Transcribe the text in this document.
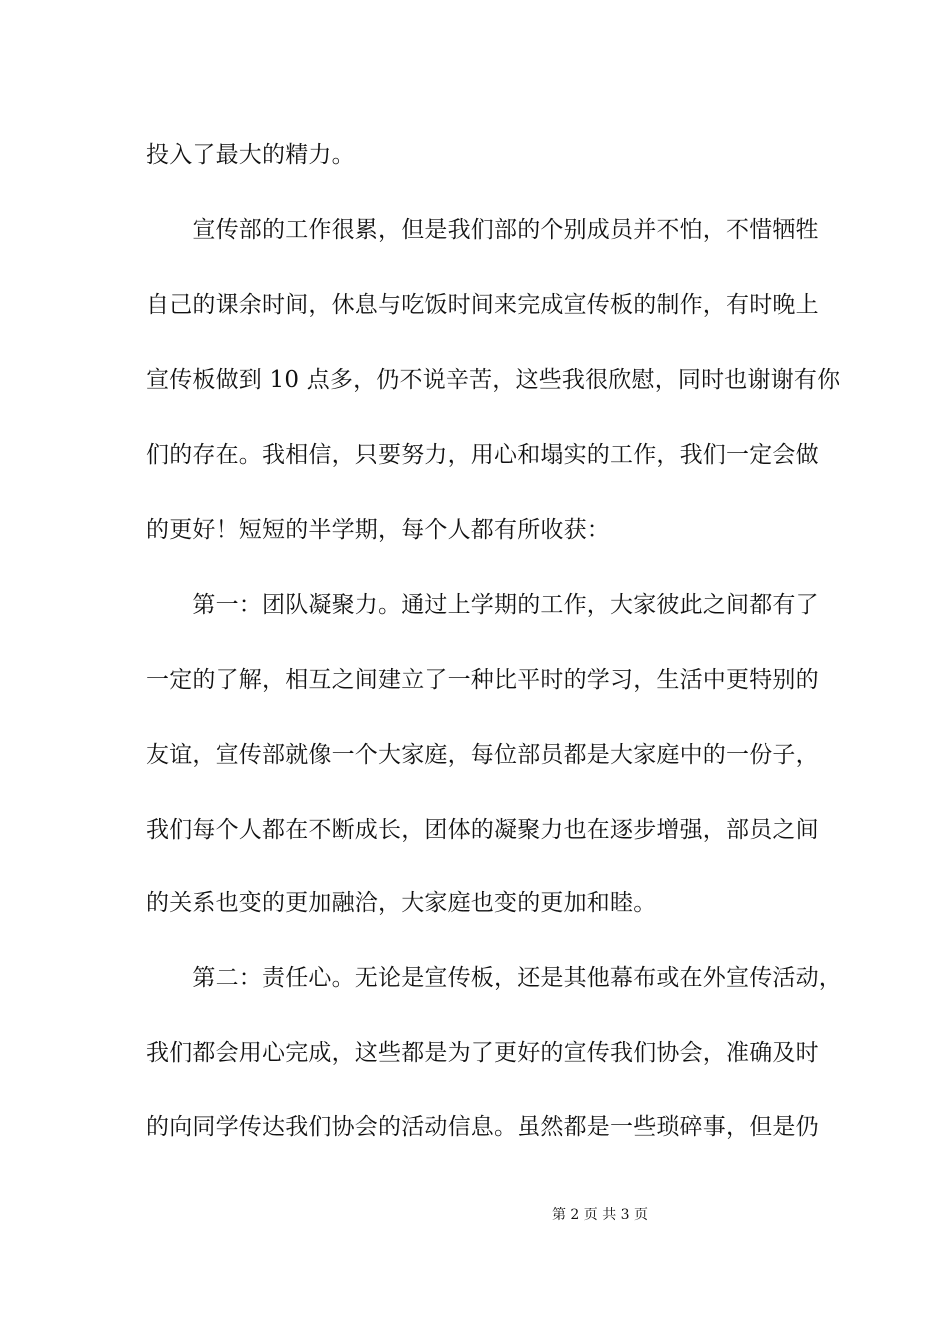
投入了最大的精力。
　　宣传部的工作很累，但是我们部的个别成员并不怕，不惜牺牲
自己的课余时间，休息与吃饭时间来完成宣传板的制作，有时晚上
宣传板做到 10 点多，仍不说辛苦，这些我很欣慰，同时也谢谢有你
们的存在。我相信，只要努力，用心和塌实的工作，我们一定会做
的更好！短短的半学期，每个人都有所收获：
　　第一：团队凝聚力。通过上学期的工作，大家彼此之间都有了
一定的了解，相互之间建立了一种比平时的学习，生活中更特别的
友谊，宣传部就像一个大家庭，每位部员都是大家庭中的一份子，
我们每个人都在不断成长，团体的凝聚力也在逐步增强，部员之间
的关系也变的更加融洽，大家庭也变的更加和睦。
　　第二：责任心。无论是宣传板，还是其他幕布或在外宣传活动，
我们都会用心完成，这些都是为了更好的宣传我们协会，准确及时
的向同学传达我们协会的活动信息。虽然都是一些琐碎事，但是仍
第 2 页 共 3 页
